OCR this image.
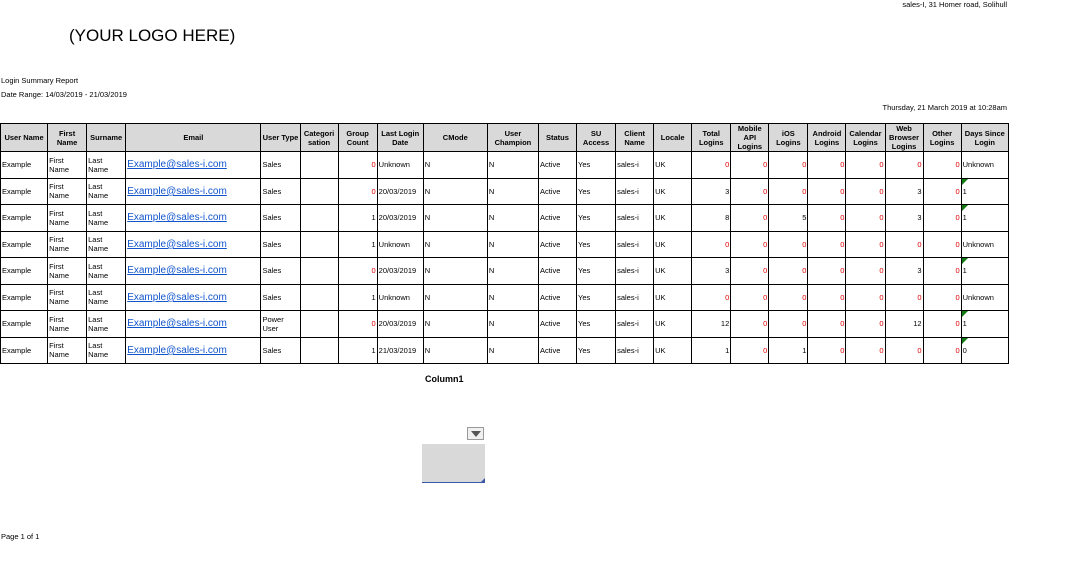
sales-I, 31 Homer road, Solihull
(YOUR LOGO HERE)
Login Summary Report
Date Range: 14/03/2019 - 21/03/2019
Thursday, 21 March 2019 at 10:28am
User Name	First Name	Surname	Email	User Type	Categori sation	Group Count	Last Login Date	CMode	User Champion	Status	SU Access	Client Name	Locale	Total Logins	Mobile API Logins	iOS Logins	Android Logins	Calendar Logins	Web Browser Logins	Other Logins	Days Since Login
Example	First Name	Last Name	Example@sales-i.com	Sales		0	Unknown	N	N	Active	Yes	sales-i	UK	0	0	0	0	0	0	0	Unknown
Example	First Name	Last Name	Example@sales-i.com	Sales		0	20/03/2019	N	N	Active	Yes	sales-i	UK	3	0	0	0	0	3	0	1
Example	First Name	Last Name	Example@sales-i.com	Sales		1	20/03/2019	N	N	Active	Yes	sales-i	UK	8	0	5	0	0	3	0	1
Example	First Name	Last Name	Example@sales-i.com	Sales		1	Unknown	N	N	Active	Yes	sales-i	UK	0	0	0	0	0	0	0	Unknown
Example	First Name	Last Name	Example@sales-i.com	Sales		0	20/03/2019	N	N	Active	Yes	sales-i	UK	3	0	0	0	0	3	0	1
Example	First Name	Last Name	Example@sales-i.com	Sales		1	Unknown	N	N	Active	Yes	sales-i	UK	0	0	0	0	0	0	0	Unknown
Example	First Name	Last Name	Example@sales-i.com	Power User		0	20/03/2019	N	N	Active	Yes	sales-i	UK	12	0	0	0	0	12	0	1
Example	First Name	Last Name	Example@sales-i.com	Sales		1	21/03/2019	N	N	Active	Yes	sales-i	UK	1	0	1	0	0	0	0	0
Column1
Page 1 of 1
